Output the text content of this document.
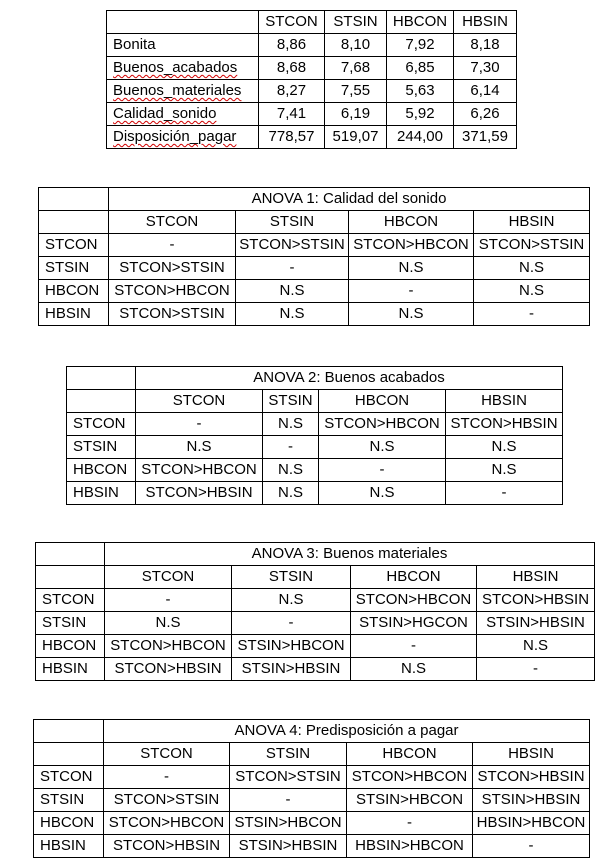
	STCON	STSIN	HBCON	HBSIN
Bonita	8,86	8,10	7,92	8,18
Buenos_acabados	8,68	7,68	6,85	7,30
Buenos_materiales	8,27	7,55	5,63	6,14
Calidad_sonido	7,41	6,19	5,92	6,26
Disposición_pagar	778,57	519,07	244,00	371,59
	ANOVA 1: Calidad del sonido			
	STCON	STSIN	HBCON	HBSIN
STCON	-	STCON>STSIN	STCON>HBCON	STCON>STSIN
STSIN	STCON>STSIN	-	N.S	N.S
HBCON	STCON>HBCON	N.S	-	N.S
HBSIN	STCON>STSIN	N.S	N.S	-
	ANOVA 2: Buenos acabados			
	STCON	STSIN	HBCON	HBSIN
STCON	-	N.S	STCON>HBCON	STCON>HBSIN
STSIN	N.S	-	N.S	N.S
HBCON	STCON>HBCON	N.S	-	N.S
HBSIN	STCON>HBSIN	N.S	N.S	-
	ANOVA 3: Buenos materiales			
	STCON	STSIN	HBCON	HBSIN
STCON	-	N.S	STCON>HBCON	STCON>HBSIN
STSIN	N.S	-	STSIN>HGCON	STSIN>HBSIN
HBCON	STCON>HBCON	STSIN>HBCON	-	N.S
HBSIN	STCON>HBSIN	STSIN>HBSIN	N.S	-
	ANOVA 4: Predisposición a pagar			
	STCON	STSIN	HBCON	HBSIN
STCON	-	STCON>STSIN	STCON>HBCON	STCON>HBSIN
STSIN	STCON>STSIN	-	STSIN>HBCON	STSIN>HBSIN
HBCON	STCON>HBCON	STSIN>HBCON	-	HBSIN>HBCON
HBSIN	STCON>HBSIN	STSIN>HBSIN	HBSIN>HBCON	-
